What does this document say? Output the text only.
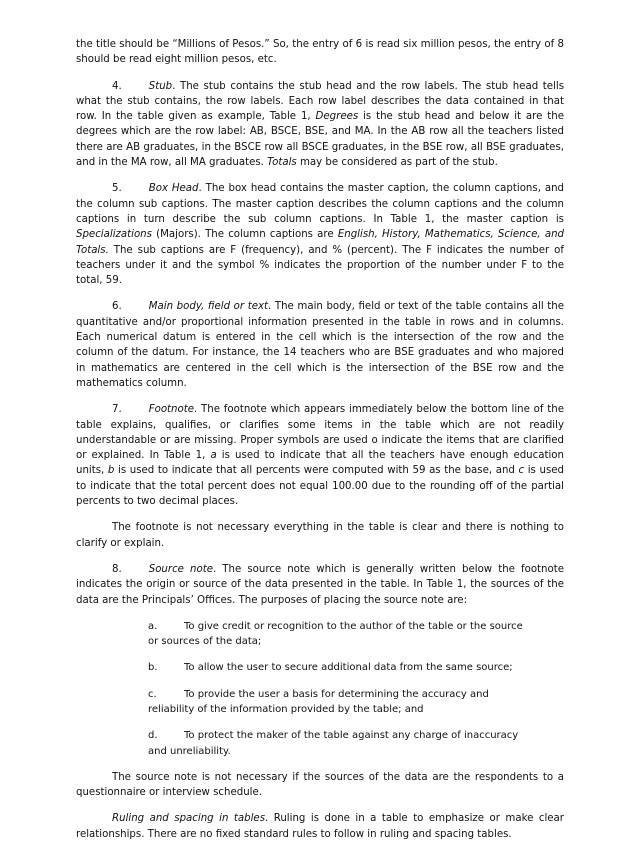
the title should be “Millions of Pesos.” So, the entry of 6 is read six million pesos, the entry of 8 should be read eight million pesos, etc.

4.	Stub. The stub contains the stub head and the row labels. The stub head tells what the stub contains, the row labels. Each row label describes the data contained in that row. In the table given as example, Table 1, Degrees is the stub head and below it are the degrees which are the row label: AB, BSCE, BSE, and MA. In the AB row all the teachers listed there are AB graduates, in the BSCE row all BSCE graduates, in the BSE row, all BSE graduates, and in the MA row, all MA graduates. Totals may be considered as part of the stub.

5.	Box Head. The box head contains the master caption, the column captions, and the column sub captions. The master caption describes the column captions and the column captions in turn describe the sub column captions. In Table 1, the master caption is Specializations (Majors). The column captions are English, History, Mathematics, Science, and Totals. The sub captions are F (frequency), and % (percent). The F indicates the number of teachers under it and the symbol % indicates the proportion of the number under F to the total, 59.

6.	Main body, field or text. The main body, field or text of the table contains all the quantitative and/or proportional information presented in the table in rows and in columns. Each numerical datum is entered in the cell which is the intersection of the row and the column of the datum. For instance, the 14 teachers who are BSE graduates and who majored in mathematics are centered in the cell which is the intersection of the BSE row and the mathematics column.

7.	Footnote. The footnote which appears immediately below the bottom line of the table explains, qualifies, or clarifies some items in the table which are not readily understandable or are missing. Proper symbols are used o indicate the items that are clarified or explained. In Table 1, a is used to indicate that all the teachers have enough education units, b is used to indicate that all percents were computed with 59 as the base, and c is used to indicate that the total percent does not equal 100.00 due to the rounding off of the partial percents to two decimal places.

The footnote is not necessary everything in the table is clear and there is nothing to clarify or explain.

8.	Source note. The source note which is generally written below the footnote indicates the origin or source of the data presented in the table. In Table 1, the sources of the data are the Principals’ Offices. The purposes of placing the source note are:

a.	To give credit or recognition to the author of the table or the source or sources of the data;
b.	To allow the user to secure additional data from the same source;
c.	To provide the user a basis for determining the accuracy and reliability of the information provided by the table; and
d.	To protect the maker of the table against any charge of inaccuracy and unreliability.

The source note is not necessary if the sources of the data are the respondents to a questionnaire or interview schedule.

Ruling and spacing in tables. Ruling is done in a table to emphasize or make clear relationships. There are no fixed standard rules to follow in ruling and spacing tables.
